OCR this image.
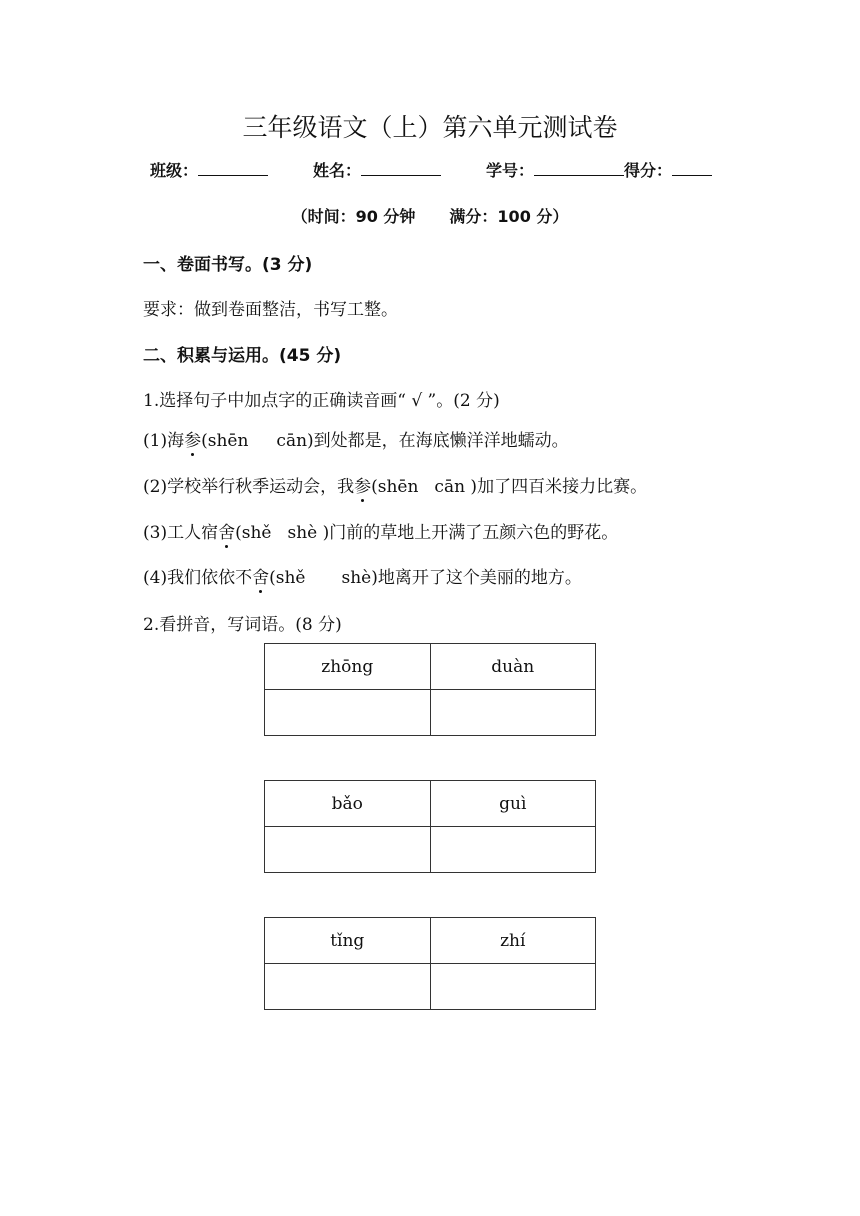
三年级语文（上）第六单元测试卷
班级：	姓名：	学号：	得分：
（时间：90 分钟 满分：100 分）
一、卷面书写。(3 分)
要求：做到卷面整洁，书写工整。
二、积累与运用。(45 分)
1.选择句子中加点字的正确读音画“ √ ”。(2 分)
(1)海参(shēn cān)到处都是，在海底懒洋洋地蠕动。
(2)学校举行秋季运动会，我参(shēn cān )加了四百米接力比赛。
(3)工人宿舍(shě shè )门前的草地上开满了五颜六色的野花。
(4)我们依依不舍(shě shè)地离开了这个美丽的地方。
2.看拼音，写词语。(8 分)
zhōng	duàn

bǎo	guì

tǐng	zhí
